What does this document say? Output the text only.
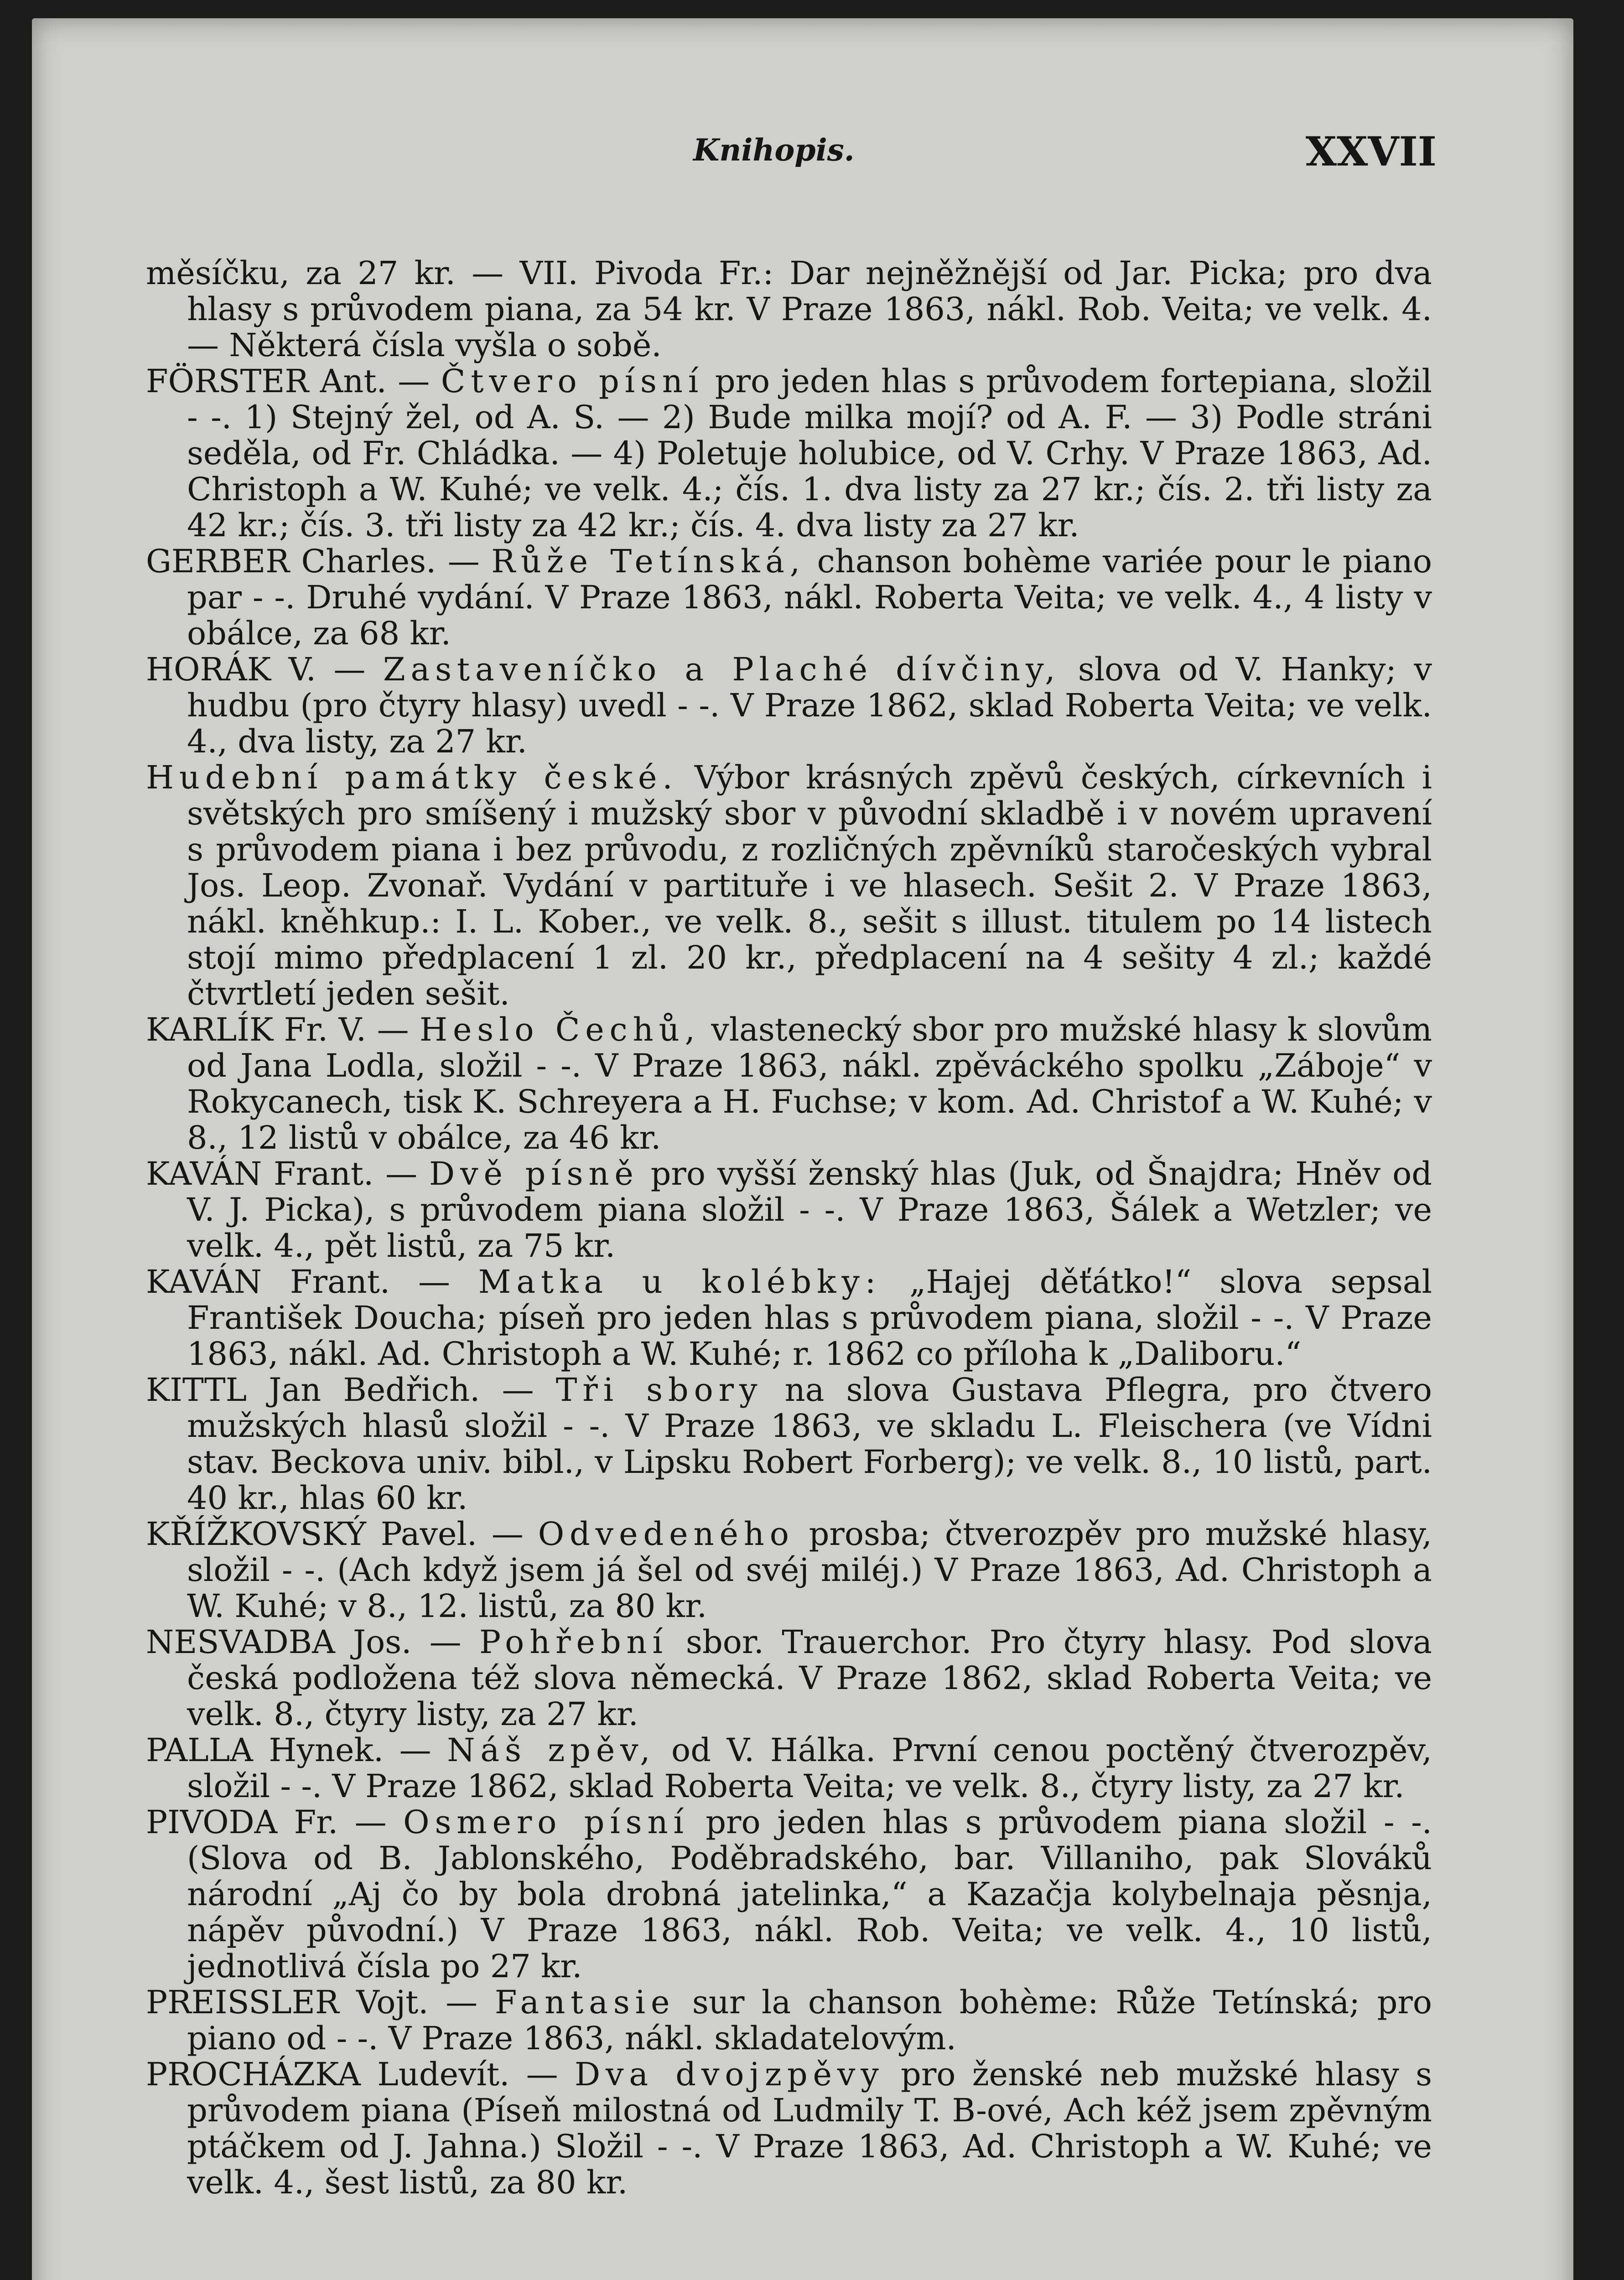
Knihopis.	XXVII

měsíčku, za 27 kr. — VII. Pivoda Fr.: Dar nejněžnější od Jar. Picka; pro dva hlasy s průvodem piana, za 54 kr. V Praze 1863, nákl. Rob. Veita; ve velk. 4. — Některá čísla vyšla o sobě.

FÖRSTER Ant. — Čtvero písní pro jeden hlas s průvodem fortepiana, složil - -. 1) Stejný žel, od A. S. — 2) Bude milka mojí? od A. F. — 3) Podle stráni seděla, od Fr. Chládka. — 4) Poletuje holubice, od V. Crhy. V Praze 1863, Ad. Christoph a W. Kuhé; ve velk. 4.; čís. 1. dva listy za 27 kr.; čís. 2. tři listy za 42 kr.; čís. 3. tři listy za 42 kr.; čís. 4. dva listy za 27 kr.

GERBER Charles. — Růže Tetínská, chanson bohème variée pour le piano par - -. Druhé vydání. V Praze 1863, nákl. Roberta Veita; ve velk. 4., 4 listy v obálce, za 68 kr.

HORÁK V. — Zastaveníčko a Plaché dívčiny, slova od V. Hanky; v hudbu (pro čtyry hlasy) uvedl - -. V Praze 1862, sklad Roberta Veita; ve velk. 4., dva listy, za 27 kr.

Hudební památky české. Výbor krásných zpěvů českých, církevních i světských pro smíšený i mužský sbor v původní skladbě i v novém upravení s průvodem piana i bez průvodu, z rozličných zpěvníků staročeských vybral Jos. Leop. Zvonař. Vydání v partituře i ve hlasech. Sešit 2. V Praze 1863, nákl. kněhkup.: I. L. Kober., ve velk. 8., sešit s illust. titulem po 14 listech stojí mimo předplacení 1 zl. 20 kr., předplacení na 4 sešity 4 zl.; každé čtvrtletí jeden sešit.

KARLÍK Fr. V. — Heslo Čechů, vlastenecký sbor pro mužské hlasy k slovům od Jana Lodla, složil - -. V Praze 1863, nákl. zpěváckého spolku „Záboje“ v Rokycanech, tisk K. Schreyera a H. Fuchse; v kom. Ad. Christof a W. Kuhé; v 8., 12 listů v obálce, za 46 kr.

KAVÁN Frant. — Dvě písně pro vyšší ženský hlas (Juk, od Šnajdra; Hněv od V. J. Picka), s průvodem piana složil - -. V Praze 1863, Šálek a Wetzler; ve velk. 4., pět listů, za 75 kr.

KAVÁN Frant. — Matka u kolébky: „Hajej děťátko!“ slova sepsal František Doucha; píseň pro jeden hlas s průvodem piana, složil - -. V Praze 1863, nákl. Ad. Christoph a W. Kuhé; r. 1862 co příloha k „Daliboru.“

KITTL Jan Bedřich. — Tři sbory na slova Gustava Pflegra, pro čtvero mužských hlasů složil - -. V Praze 1863, ve skladu L. Fleischera (ve Vídni stav. Beckova univ. bibl., v Lipsku Robert Forberg); ve velk. 8., 10 listů, part. 40 kr., hlas 60 kr.

KŘÍŽKOVSKÝ Pavel. — Odvedeného prosba; čtverozpěv pro mužské hlasy, složil - -. (Ach když jsem já šel od svéj miléj.) V Praze 1863, Ad. Christoph a W. Kuhé; v 8., 12. listů, za 80 kr.

NESVADBA Jos. — Pohřební sbor. Trauerchor. Pro čtyry hlasy. Pod slova česká podložena též slova německá. V Praze 1862, sklad Roberta Veita; ve velk. 8., čtyry listy, za 27 kr.

PALLA Hynek. — Náš zpěv, od V. Hálka. První cenou poctěný čtverozpěv, složil - -. V Praze 1862, sklad Roberta Veita; ve velk. 8., čtyry listy, za 27 kr.

PIVODA Fr. — Osmero písní pro jeden hlas s průvodem piana složil - -. (Slova od B. Jablonského, Poděbradského, bar. Villaniho, pak Slováků národní „Aj čo by bola drobná jatelinka,“ a Kazačja kolybelnaja pěsnja, nápěv původní.) V Praze 1863, nákl. Rob. Veita; ve velk. 4., 10 listů, jednotlivá čísla po 27 kr.

PREISSLER Vojt. — Fantasie sur la chanson bohème: Růže Tetínská; pro piano od - -. V Praze 1863, nákl. skladatelovým.

PROCHÁZKA Ludevít. — Dva dvojzpěvy pro ženské neb mužské hlasy s průvodem piana (Píseň milostná od Ludmily T. B-ové, Ach kéž jsem zpěvným ptáčkem od J. Jahna.) Složil - -. V Praze 1863, Ad. Christoph a W. Kuhé; ve velk. 4., šest listů, za 80 kr.
